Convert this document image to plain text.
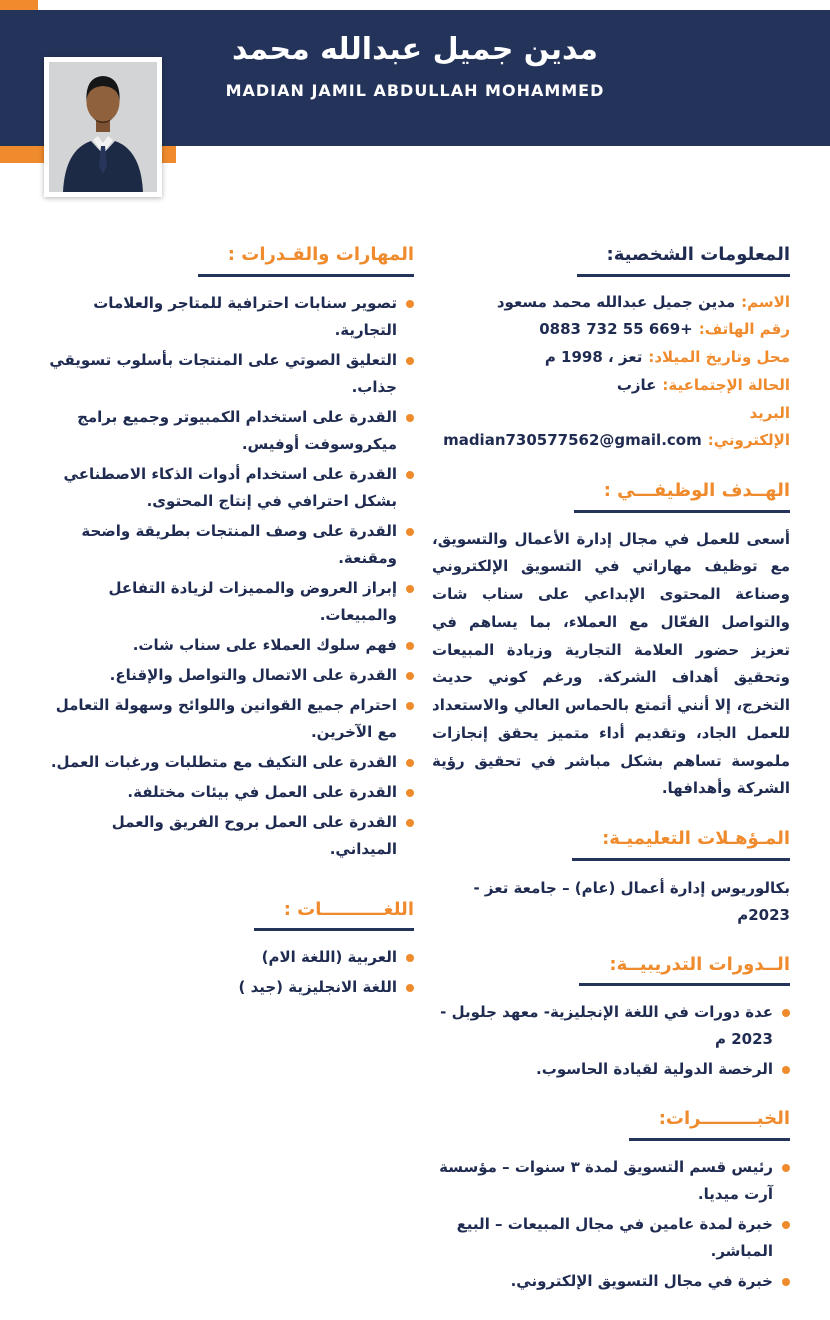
مدين جميل عبدالله محمد
MADIAN JAMIL ABDULLAH MOHAMMED
المعلومات الشخصية:
الاسم:مدين جميل عبدالله محمد مسعود
رقم الهاتف:+669 55 732 0883
محل وتاريخ الميلاد:تعز ، 1998 م
الحالة الإجتماعية:عازب
البريد الإلكتروني:madian730577562@gmail.com
الهــدف الوظيفـــي :

أسعى للعمل في مجال إدارة الأعمال والتسويق، مع توظيف مهاراتي في التسويق الإلكتروني وصناعة المحتوى الإبداعي على سناب شات والتواصل الفعّال مع العملاء، بما يساهم في تعزيز حضور العلامة التجارية وزيادة المبيعات وتحقيق أهداف الشركة. ورغم كوني حديث التخرج، إلا أنني أتمتع بالحماس العالي والاستعداد للعمل الجاد، وتقديم أداء متميز يحقق إنجازات ملموسة تساهم بشكل مباشر في تحقيق رؤية الشركة وأهدافها.

المـؤهـلات التعليميـة:

بكالوريوس إدارة أعمال (عام) – جامعة تعز - 2023م

الــدورات التدريبيــة:
عدة دورات في اللغة الإنجليزية- معهد جلوبل - 2023 م
الرخصة الدولية لقيادة الحاسوب.
الخبـــــــــرات:
رئيس قسم التسويق لمدة ٣ سنوات – مؤسسة آرت ميديا.
خبرة لمدة عامين في مجال المبيعات – البيع المباشر.
خبرة في مجال التسويق الإلكتروني.
المهارات والقـدرات :
تصوير سنابات احترافية للمتاجر والعلامات التجارية.
التعليق الصوتي على المنتجات بأسلوب تسويقي جذاب.
القدرة على استخدام الكمبيوتر وجميع برامج ميكروسوفت أوفيس.
القدرة على استخدام أدوات الذكاء الاصطناعي بشكل احترافي في إنتاج المحتوى.
القدرة على وصف المنتجات بطريقة واضحة ومقنعة.
إبراز العروض والمميزات لزيادة التفاعل والمبيعات.
فهم سلوك العملاء على سناب شات.
القدرة على الاتصال والتواصل والإقناع.
احترام جميع القوانين واللوائح وسهولة التعامل مع الآخرين.
القدرة على التكيف مع متطلبات ورغبات العمل.
القدرة على العمل في بيئات مختلفة.
القدرة على العمل بروح الفريق والعمل الميداني.
اللغــــــــــات :
العربية (اللغة الام)
اللغة الانجليزية (جيد )
